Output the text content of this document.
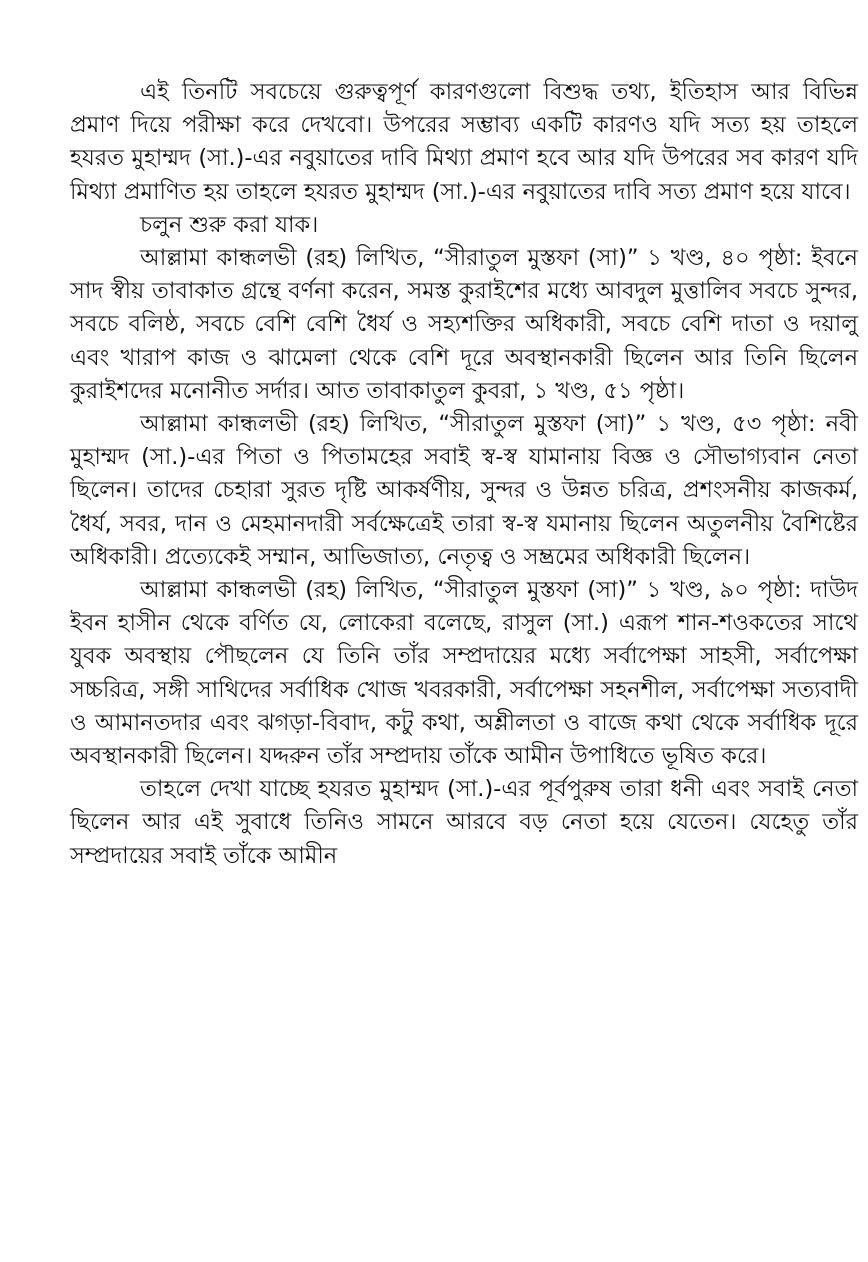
এই তিনটি সবচেয়ে গুরুত্বপূর্ণ কারণগুলো বিশুদ্ধ তথ্য, ইতিহাস আর বিভিন্ন প্রমাণ দিয়ে পরীক্ষা করে দেখবো। উপরের সম্ভাব্য একটি কারণও যদি সত্য হয় তাহলে হযরত মুহাম্মদ (সা.)-এর নবুয়াতের দাবি মিথ্যা প্রমাণ হবে আর যদি উপরের সব কারণ যদি মিথ্যা প্রমাণিত হয় তাহলে হযরত মুহাম্মদ (সা.)-এর নবুয়াতের দাবি সত্য প্রমাণ হয়ে যাবে।

চলুন শুরু করা যাক।

আল্লামা কান্ধলভী (রহ) লিখিত, “সীরাতুল মুস্তফা (সা)” ১ খণ্ড, ৪০ পৃষ্ঠা: ইবনে সাদ স্বীয় তাবাকাত গ্রন্থে বর্ণনা করেন, সমস্ত কুরাইশের মধ্যে আবদুল মুত্তালিব সবচে সুন্দর, সবচে বলিষ্ঠ, সবচে বেশি বেশি ধৈর্য ও সহ্যশক্তির অধিকারী, সবচে বেশি দাতা ও দয়ালু এবং খারাপ কাজ ও ঝামেলা থেকে বেশি দূরে অবস্থানকারী ছিলেন আর তিনি ছিলেন কুরাইশদের মনোনীত সর্দার। আত তাবাকাতুল কুবরা, ১ খণ্ড, ৫১ পৃষ্ঠা।

আল্লামা কান্ধলভী (রহ) লিখিত, “সীরাতুল মুস্তফা (সা)” ১ খণ্ড, ৫৩ পৃষ্ঠা: নবী মুহাম্মদ (সা.)-এর পিতা ও পিতামহের সবাই স্ব-স্ব যামানায় বিজ্ঞ ও সৌভাগ্যবান নেতা ছিলেন। তাদের চেহারা সুরত দৃষ্টি আকর্ষণীয়, সুন্দর ও উন্নত চরিত্র, প্রশংসনীয় কাজকর্ম, ধৈর্য, সবর, দান ও মেহমানদারী সর্বক্ষেত্রেই তারা স্ব-স্ব যমানায় ছিলেন অতুলনীয় বৈশিষ্টের অধিকারী। প্রত্যেকেই সম্মান, আভিজাত্য, নেতৃত্ব ও সম্ভ্রমের অধিকারী ছিলেন।

আল্লামা কান্ধলভী (রহ) লিখিত, “সীরাতুল মুস্তফা (সা)” ১ খণ্ড, ৯০ পৃষ্ঠা: দাউদ ইবন হাসীন থেকে বর্ণিত যে, লোকেরা বলেছে, রাসুল (সা.) এরূপ শান-শওকতের সাথে যুবক অবস্থায় পৌছলেন যে তিনি তাঁর সম্প্রদায়ের মধ্যে সর্বাপেক্ষা সাহসী, সর্বাপেক্ষা সচ্চরিত্র, সঙ্গী সাথিদের সর্বাধিক খোজ খবরকারী, সর্বাপেক্ষা সহনশীল, সর্বাপেক্ষা সত্যবাদী ও আমানতদার এবং ঝগড়া-বিবাদ, কটু কথা, অশ্লীলতা ও বাজে কথা থেকে সর্বাধিক দূরে অবস্থানকারী ছিলেন। যদ্দরুন তাঁর সম্প্রদায় তাঁকে আমীন উপাধিতে ভূষিত করে।

তাহলে দেখা যাচ্ছে হযরত মুহাম্মদ (সা.)-এর পূর্বপুরুষ তারা ধনী এবং সবাই নেতা ছিলেন আর এই সুবাধে তিনিও সামনে আরবে বড় নেতা হয়ে যেতেন। যেহেতু তাঁর সম্প্রদায়ের সবাই তাঁকে আমীন
